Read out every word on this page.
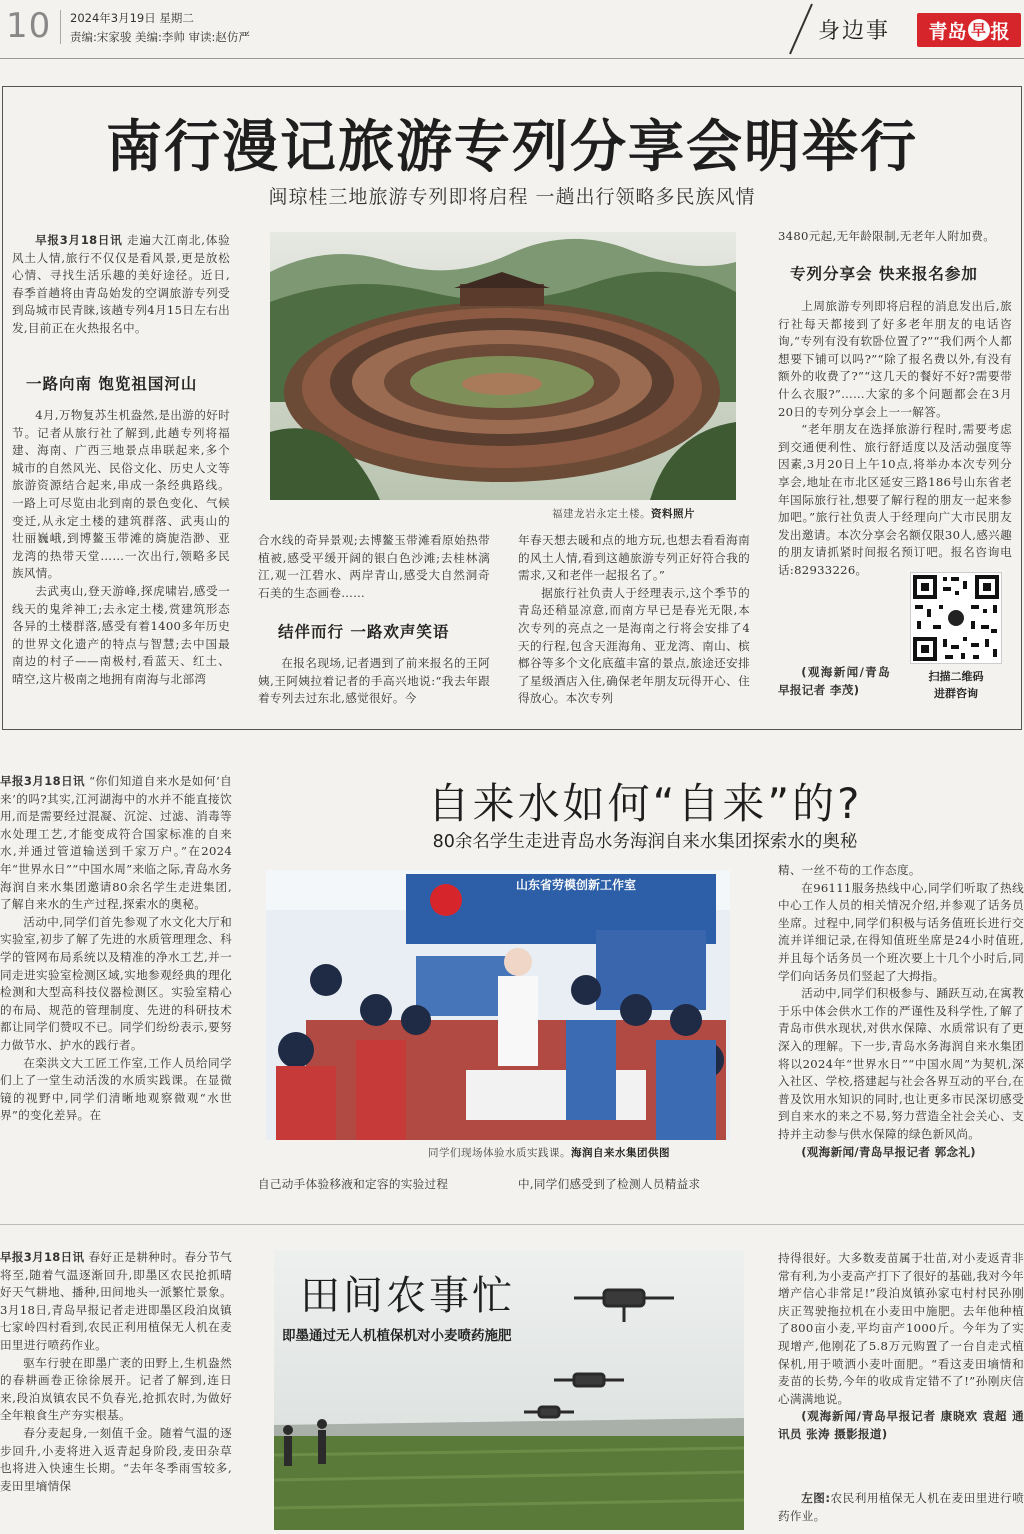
10 2024年3月19日 星期二
责编:宋家骏 美编:李帅 审读:赵仿严	身边事 青岛 早 报
南行漫记旅游专列分享会明举行
闽琼桂三地旅游专列即将启程 一趟出行领略多民族风情

早报3月18日讯 走遍大江南北,体验风土人情,旅行不仅仅是看风景,更是放松心情、寻找生活乐趣的美好途径。近日,春季首趟将由青岛始发的空调旅游专列受到岛城市民青睐,该趟专列4月15日左右出发,目前正在火热报名中。

一路向南 饱览祖国河山

4月,万物复苏生机盎然,是出游的好时节。记者从旅行社了解到,此趟专列将福建、海南、广西三地景点串联起来,多个城市的自然风光、民俗文化、历史人文等旅游资源结合起来,串成一条经典路线。一路上可尽览由北到南的景色变化、气候变迁,从永定土楼的建筑群落、武夷山的壮丽巍峨,到博鳌玉带滩的旖旎浩渺、亚龙湾的热带天堂……一次出行,领略多民族风情。

去武夷山,登天游峰,探虎啸岩,感受一线天的鬼斧神工;去永定土楼,赏建筑形态各异的土楼群落,感受有着1400多年历史的世界文化遗产的特点与智慧;去中国最南边的村子——南极村,看蓝天、红土、晴空,这片极南之地拥有南海与北部湾

福建龙岩永定土楼。资料照片

合水线的奇异景观;去博鳌玉带滩看原始热带植被,感受平缓开阔的银白色沙滩;去桂林漓江,观一江碧水、两岸青山,感受大自然洞奇石美的生态画卷……

结伴而行 一路欢声笑语

在报名现场,记者遇到了前来报名的王阿姨,王阿姨拉着记者的手高兴地说:“我去年跟着专列去过东北,感觉很好。今

年春天想去暖和点的地方玩,也想去看看海南的风土人情,看到这趟旅游专列正好符合我的需求,又和老伴一起报名了。”

据旅行社负责人于经理表示,这个季节的青岛还稍显凉意,而南方早已是春光无限,本次专列的亮点之一是海南之行将会安排了4天的行程,包含天涯海角、亚龙湾、南山、槟榔谷等多个文化底蕴丰富的景点,旅途还安排了星级酒店入住,确保老年朋友玩得开心、住得放心。本次专列

3480元起,无年龄限制,无老年人附加费。

专列分享会 快来报名参加

上周旅游专列即将启程的消息发出后,旅行社每天都接到了好多老年朋友的电话咨询,“专列有没有软卧位置了?”“我们两个人都想要下铺可以吗?”“除了报名费以外,有没有额外的收费了?”“这几天的餐好不好?需要带什么衣服?”……大家的多个问题都会在3月20日的专列分享会上一一解答。

“老年朋友在选择旅游行程时,需要考虑到交通便利性、旅行舒适度以及活动强度等因素,3月20日上午10点,将举办本次专列分享会,地址在市北区延安三路186号山东省老年国际旅行社,想要了解行程的朋友一起来参加吧。”旅行社负责人于经理向广大市民朋友发出邀请。本次分享会名额仅限30人,感兴趣的朋友请抓紧时间报名预订吧。报名咨询电话:82933226。

(观海新闻/青岛早报记者 李茂)

扫描二维码
进群咨询

早报3月18日讯 “你们知道自来水是如何‘自来’的吗?其实,江河湖海中的水并不能直接饮用,而是需要经过混凝、沉淀、过滤、消毒等水处理工艺,才能变成符合国家标准的自来水,并通过管道输送到千家万户。”在2024年“世界水日”“中国水周”来临之际,青岛水务海润自来水集团邀请80余名学生走进集团,了解自来水的生产过程,探索水的奥秘。

活动中,同学们首先参观了水文化大厅和实验室,初步了解了先进的水质管理理念、科学的管网布局系统以及精准的净水工艺,并一同走进实验室检测区域,实地参观经典的理化检测和大型高科技仪器检测区。实验室精心的布局、规范的管理制度、先进的科研技术都让同学们赞叹不已。同学们纷纷表示,要努力做节水、护水的践行者。

在栾洪文大工匠工作室,工作人员给同学们上了一堂生动活泼的水质实践课。在显微镜的视野中,同学们清晰地观察微观“水世界”的变化差异。在

自来水如何“自来”的?
80余名学生走进青岛水务海润自来水集团探索水的奥秘
山东省劳模创新工作室
同学们现场体验水质实践课。海润自来水集团供图

自己动手体验移液和定容的实验过程	中,同学们感受到了检测人员精益求

精、一丝不苟的工作态度。

在96111服务热线中心,同学们听取了热线中心工作人员的相关情况介绍,并参观了话务员坐席。过程中,同学们积极与话务值班长进行交流并详细记录,在得知值班坐席是24小时值班,并且每个话务员一个班次要上十几个小时后,同学们向话务员们竖起了大拇指。

活动中,同学们积极参与、踊跃互动,在寓教于乐中体会供水工作的严谨性及科学性,了解了青岛市供水现状,对供水保障、水质常识有了更深入的理解。下一步,青岛水务海润自来水集团将以2024年“世界水日”“中国水周”为契机,深入社区、学校,搭建起与社会各界互动的平台,在普及饮用水知识的同时,也让更多市民深切感受到自来水的来之不易,努力营造全社会关心、支持并主动参与供水保障的绿色新风尚。

(观海新闻/青岛早报记者 郭念礼)

早报3月18日讯 春好正是耕种时。春分节气将至,随着气温逐渐回升,即墨区农民抢抓晴好天气耕地、播种,田间地头一派繁忙景象。3月18日,青岛早报记者走进即墨区段泊岚镇七家岭四村看到,农民正利用植保无人机在麦田里进行喷药作业。

驱车行驶在即墨广袤的田野上,生机盎然的春耕画卷正徐徐展开。记者了解到,连日来,段泊岚镇农民不负春光,抢抓农时,为做好全年粮食生产夯实根基。

春分麦起身,一刻值千金。随着气温的逐步回升,小麦将进入返青起身阶段,麦田杂草也将进入快速生长期。“去年冬季雨雪较多,麦田里墒情保

田间农事忙
即墨通过无人机植保机对小麦喷药施肥

持得很好。大多数麦苗属于壮苗,对小麦返青非常有利,为小麦高产打下了很好的基础,我对今年增产信心非常足!”段泊岚镇孙家屯村村民孙刚庆正驾驶拖拉机在小麦田中施肥。去年他种植了800亩小麦,平均亩产1000斤。今年为了实现增产,他刚花了5.8万元购置了一台自走式植保机,用于喷洒小麦叶面肥。“看这麦田墒情和麦苗的长势,今年的收成肯定错不了!”孙刚庆信心满满地说。

(观海新闻/青岛早报记者 康晓欢 袁超 通讯员 张涛 摄影报道)

左图:农民利用植保无人机在麦田里进行喷药作业。
